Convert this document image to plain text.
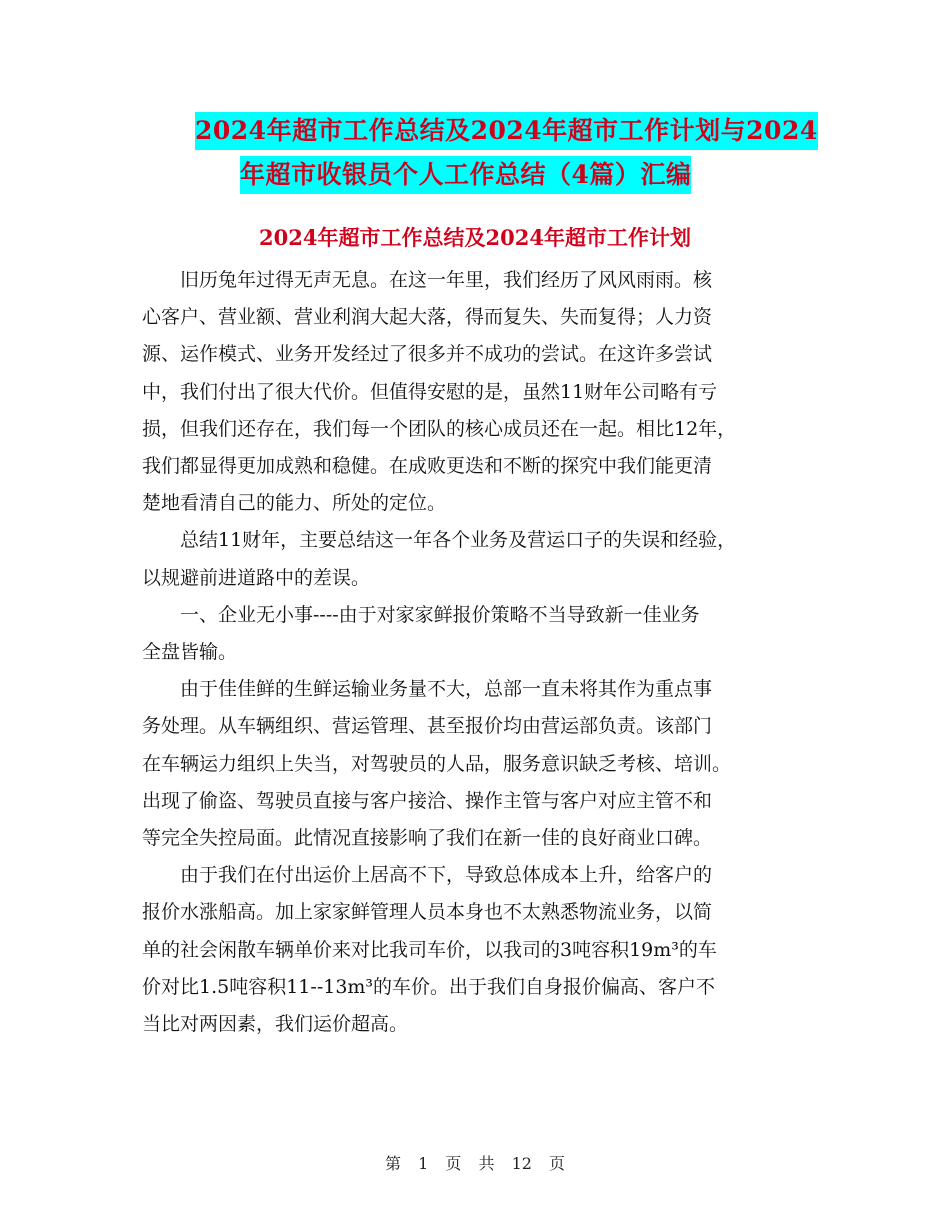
2024年超市工作总结及2024年超市工作计划与2024
年超市收银员个人工作总结（4篇）汇编
2024年超市工作总结及2024年超市工作计划
旧历兔年过得无声无息。在这一年里，我们经历了风风雨雨。核
心客户、营业额、营业利润大起大落，得而复失、失而复得；人力资
源、运作模式、业务开发经过了很多并不成功的尝试。在这许多尝试
中，我们付出了很大代价。但值得安慰的是，虽然11财年公司略有亏
损，但我们还存在，我们每一个团队的核心成员还在一起。相比12年，
我们都显得更加成熟和稳健。在成败更迭和不断的探究中我们能更清
楚地看清自己的能力、所处的定位。
总结11财年，主要总结这一年各个业务及营运口子的失误和经验，
以规避前进道路中的差误。
一、企业无小事----由于对家家鲜报价策略不当导致新一佳业务
全盘皆输。
由于佳佳鲜的生鲜运输业务量不大，总部一直未将其作为重点事
务处理。从车辆组织、营运管理、甚至报价均由营运部负责。该部门
在车辆运力组织上失当，对驾驶员的人品，服务意识缺乏考核、培训。
出现了偷盗、驾驶员直接与客户接洽、操作主管与客户对应主管不和
等完全失控局面。此情况直接影响了我们在新一佳的良好商业口碑。
由于我们在付出运价上居高不下，导致总体成本上升，给客户的
报价水涨船高。加上家家鲜管理人员本身也不太熟悉物流业务，以简
单的社会闲散车辆单价来对比我司车价，以我司的3吨容积19m³的车
价对比1.5吨容积11--13m³的车价。出于我们自身报价偏高、客户不
当比对两因素，我们运价超高。
第 1 页 共 12 页
